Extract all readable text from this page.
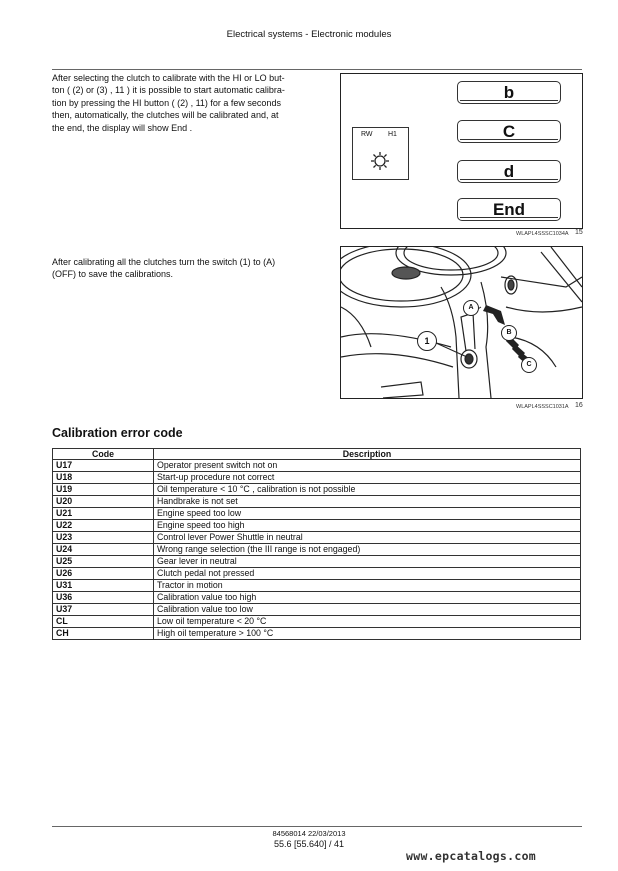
Electrical systems - Electronic modules
After selecting the clutch to calibrate with the HI or LO but-
ton ( (2) or (3) , 11 ) it is possible to start automatic calibra-
tion by pressing the HI button ( (2) , 11) for a few seconds
then, automatically, the clutches will be calibrated and, at
the end, the display will show End .
RW H1
b
C
d
End
WLAPL4SSSC1034A 15
After calibrating all the clutches turn the switch (1) to (A)
(OFF) to save the calibrations.
1
A
B
C
WLAPL4SSSC1031A 16
Calibration error code
Code	Description
U17	Operator present switch not on
U18	Start-up procedure not correct
U19	Oil temperature < 10 °C , calibration is not possible
U20	Handbrake is not set
U21	Engine speed too low
U22	Engine speed too high
U23	Control lever Power Shuttle in neutral
U24	Wrong range selection (the III range is not engaged)
U25	Gear lever in neutral
U26	Clutch pedal not pressed
U31	Tractor in motion
U36	Calibration value too high
U37	Calibration value too low
CL	Low oil temperature < 20 °C
CH	High oil temperature > 100 °C
84568014 22/03/2013
55.6 [55.640] / 41
www.epcatalogs.com
